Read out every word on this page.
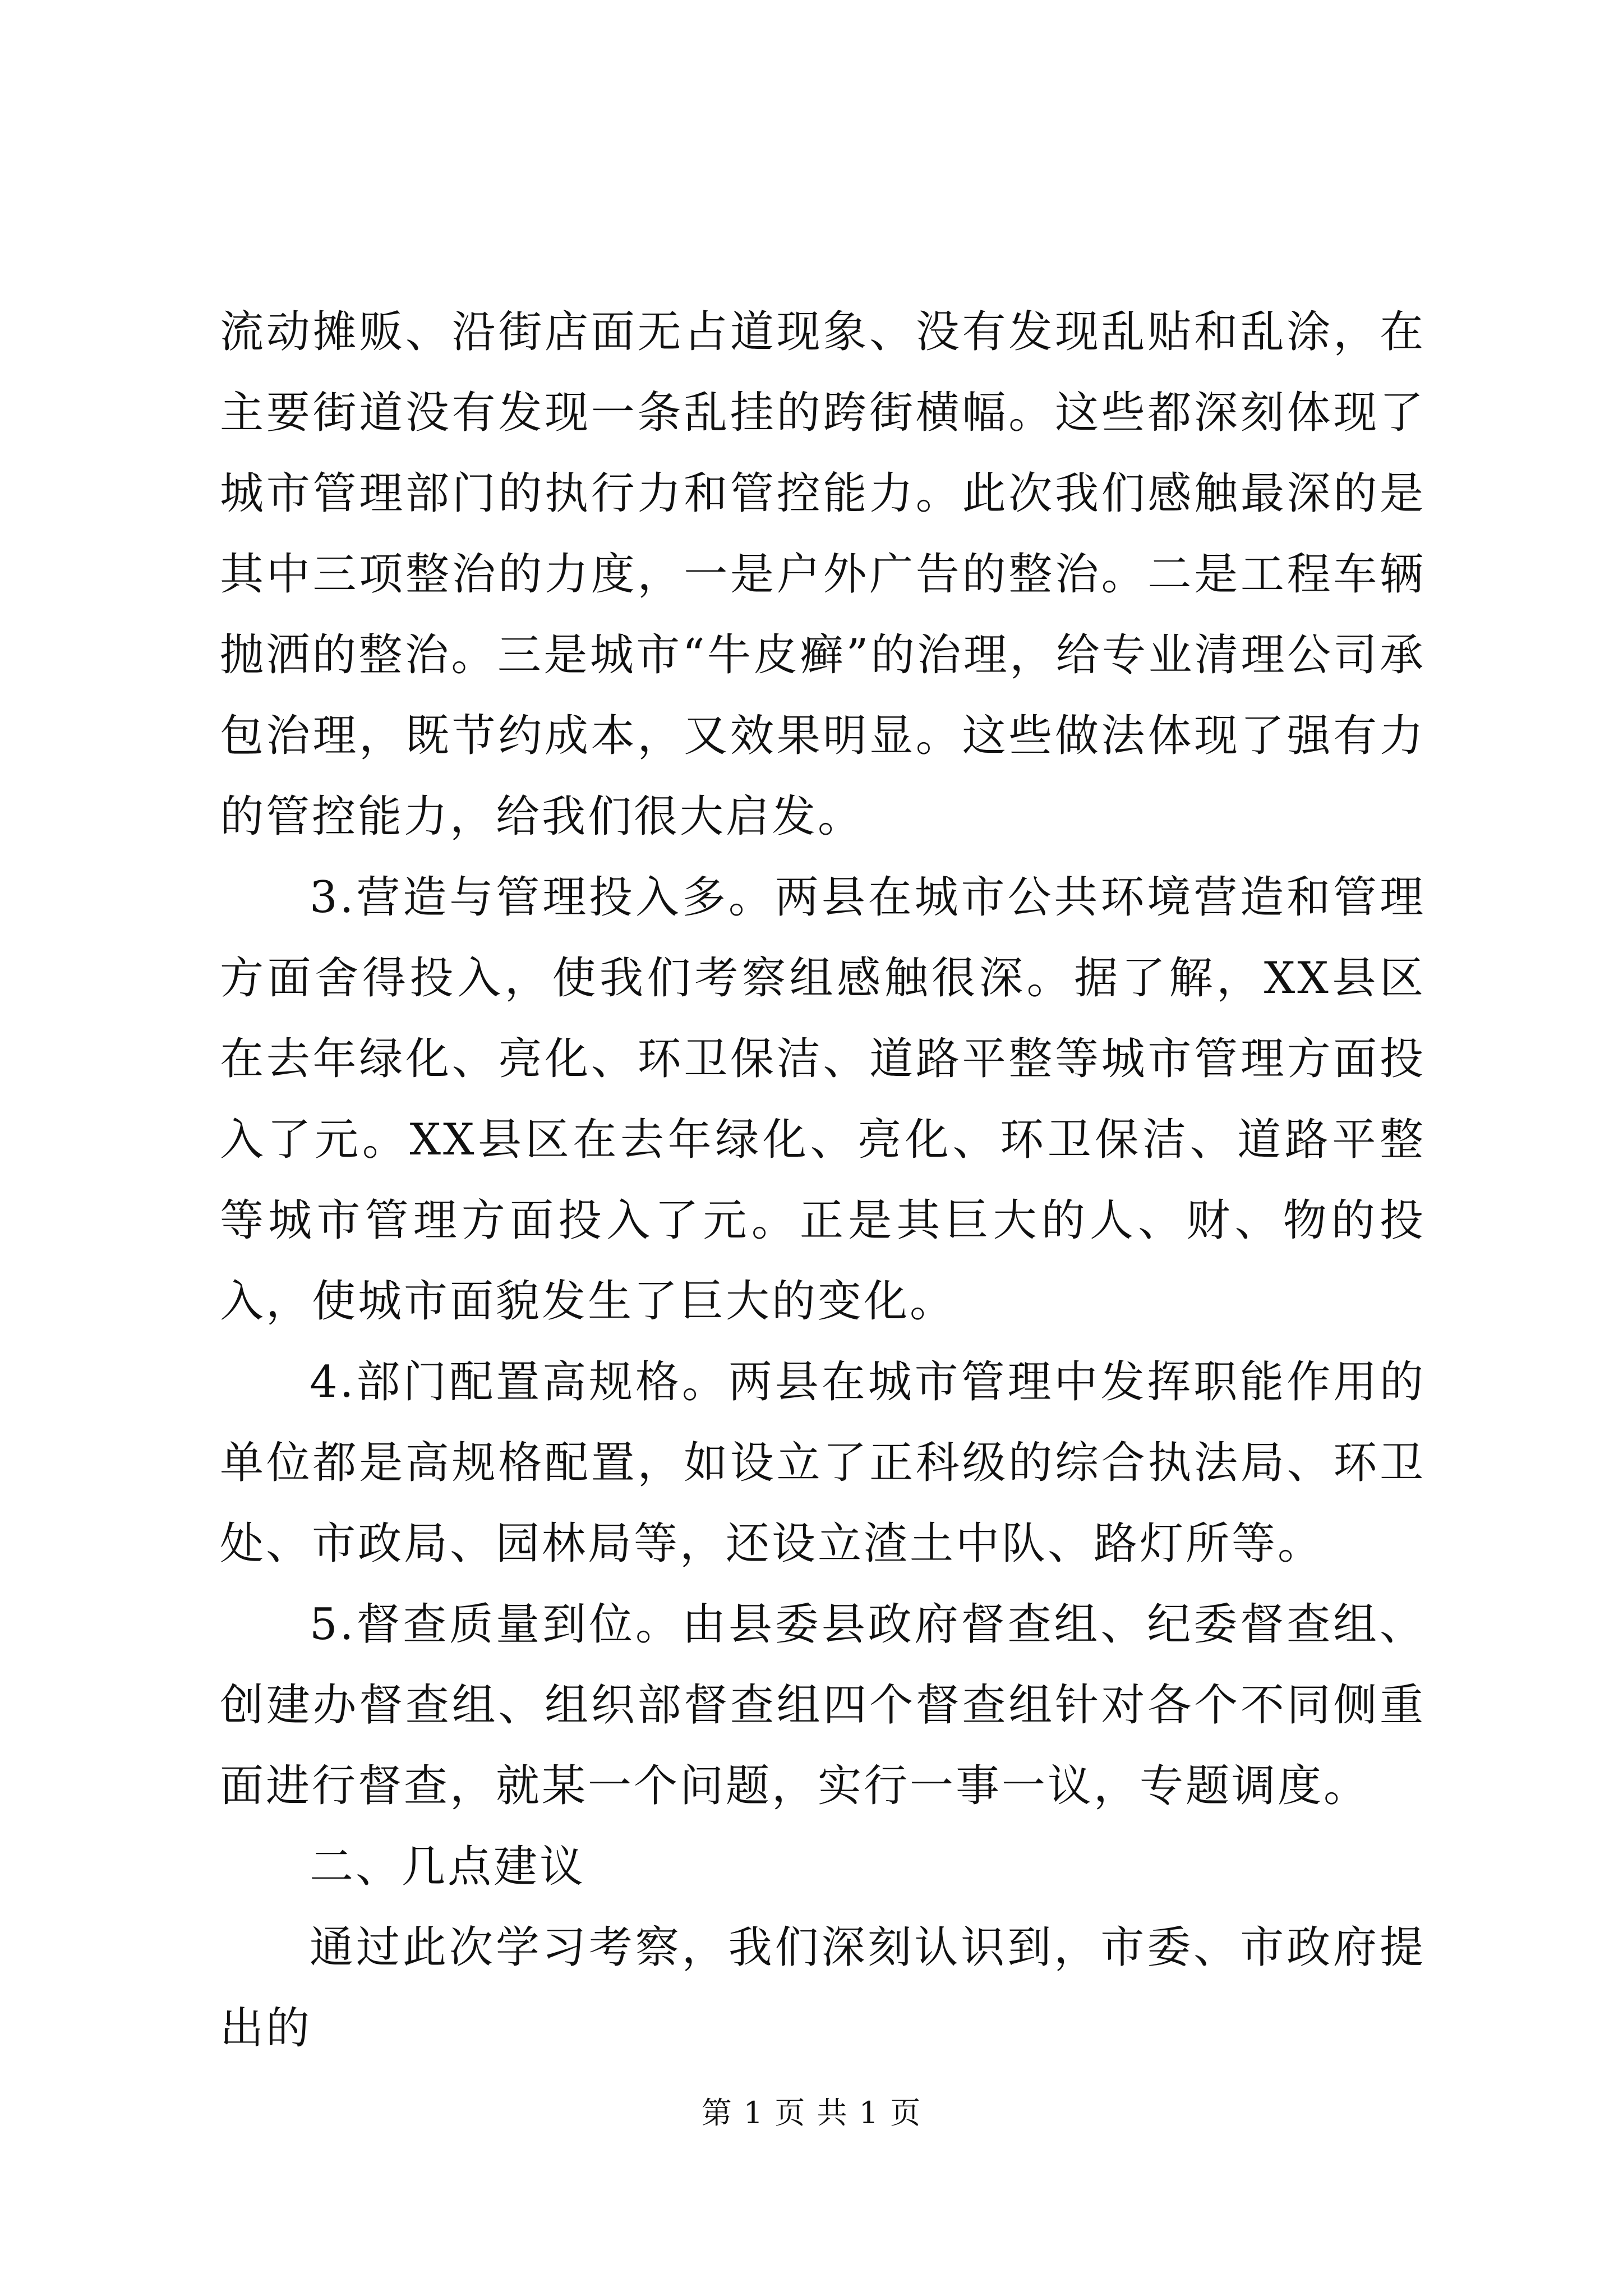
流动摊贩、沿街店面无占道现象、没有发现乱贴和乱涂，在主要街道没有发现一条乱挂的跨街横幅。这些都深刻体现了城市管理部门的执行力和管控能力。此次我们感触最深的是其中三项整治的力度，一是户外广告的整治。二是工程车辆抛洒的整治。三是城市“牛皮癣”的治理，给专业清理公司承包治理，既节约成本，又效果明显。这些做法体现了强有力的管控能力，给我们很大启发。

3.营造与管理投入多。两县在城市公共环境营造和管理方面舍得投入，使我们考察组感触很深。据了解，XX县区在去年绿化、亮化、环卫保洁、道路平整等城市管理方面投入了元。XX县区在去年绿化、亮化、环卫保洁、道路平整等城市管理方面投入了元。正是其巨大的人、财、物的投入，使城市面貌发生了巨大的变化。

4.部门配置高规格。两县在城市管理中发挥职能作用的单位都是高规格配置，如设立了正科级的综合执法局、环卫处、市政局、园林局等，还设立渣土中队、路灯所等。

5.督查质量到位。由县委县政府督查组、纪委督查组、创建办督查组、组织部督查组四个督查组针对各个不同侧重面进行督查，就某一个问题，实行一事一议，专题调度。

二、几点建议

通过此次学习考察，我们深刻认识到，市委、市政府提出的

第 1 页 共 1 页
